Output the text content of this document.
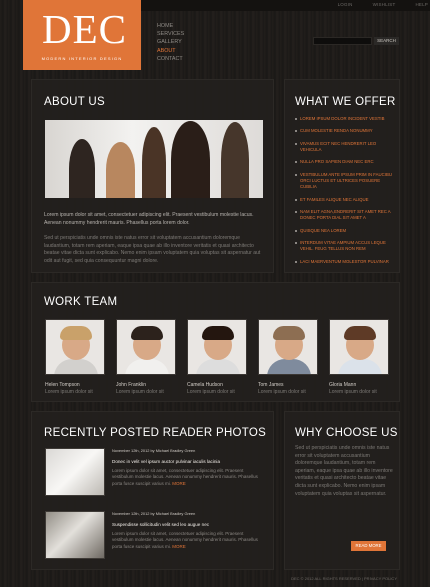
LOGIN	WISHLIST	HELP
DEC
MODERN INTERIOR DESIGN
HOME
SERVICES
GALLERY
ABOUT
CONTACT
SEARCH
ABOUT US
Lorem ipsum dolor sit amet, consectetuer adipiscing elit. Praesent vestibulum molestie lacus. Aenean nonummy hendrerit mauris. Phasellus porta lorem dolor.
Sed ut perspiciatis unde omnis iste natus error sit voluptatem accusantium doloremque laudantium, totam rem aperiam, eaque ipsa quae ab illo inventore veritatis et quasi architecto beatae vitae dicta sunt explicabo. Nemo enim ipsam voluptatem quia voluptas sit aspernatur aut odit aut fugit, sed quia consequuntur magni dolore.
WHAT WE OFFER
LOREM IPSUM DOLOR INCIDENT VESTIB
CUM MOLESTIE RENDA NONUMMY
VIVAMUS ECIT NEC HENDRERIT LEO VEHICULA
NULLA PRO SAPIEN DIAM NEC ERC
VESTIBULUM ANTE IPSUM PRIM IN FAUCIBU ORCI LUCTUS ET ULTRICES POSUERE CUBILIA
ET FAMILES ALIQUE NEC ALIQUE
NAM ELIT AGNA,ENDRERIT SIT AMET REC A DONEC PORTA DIAL SIT AMET A
QUISQUE NEA LOREM
INTERDUM VITAE AMPIUM ACCUS LEQUE VEHIL. FEUG TELLUS NON REM
LACI MAERVENTUM MOLESTOR PULVINAR
WORK TEAM
Helen Tompson
Lorem ipsum dolor sit
John Franklin
Lorem ipsum dolor sit
Camela Hudson
Lorem ipsum dolor sit
Tom James
Lorem ipsum dolor sit
Gloria Mann
Lorem ipsum dolor sit
RECENTLY POSTED READER PHOTOS
November 12th, 2012 by Michael Bradley Green
Donec in velit vel ipsum auctor pulvinar iaculis lacinia
Lorem ipsum dolor sit amet, consectetuer adipiscing elit. Praesent vestibulum molestie lacus. Aenean nonummy hendrerit mauris. Phasellus porta fusce suscipit varius mi. MORE
November 12th, 2012 by Michael Bradley Green
Suspendisse sollicitudin velit sed leo augue nec
Lorem ipsum dolor sit amet, consectetuer adipiscing elit. Praesent vestibulum molestie lacus. Aenean nonummy hendrerit mauris. Phasellus porta fusce suscipit varius mi. MORE
WHY CHOOSE US
Sed ut perspiciatis unde omnis iste natus error sit voluptatem accusantium doloremque laudantium, totam rem aperiam, eaque ipsa quae ab illo inventore veritatis et quasi architecto beatae vitae dicta sunt explicabo. Nemo enim ipsam voluptatem quia voluptas sit aspernatur.
READ MORE
DEC © 2012 ALL RIGHTS RESERVED | PRIVACY POLICY
